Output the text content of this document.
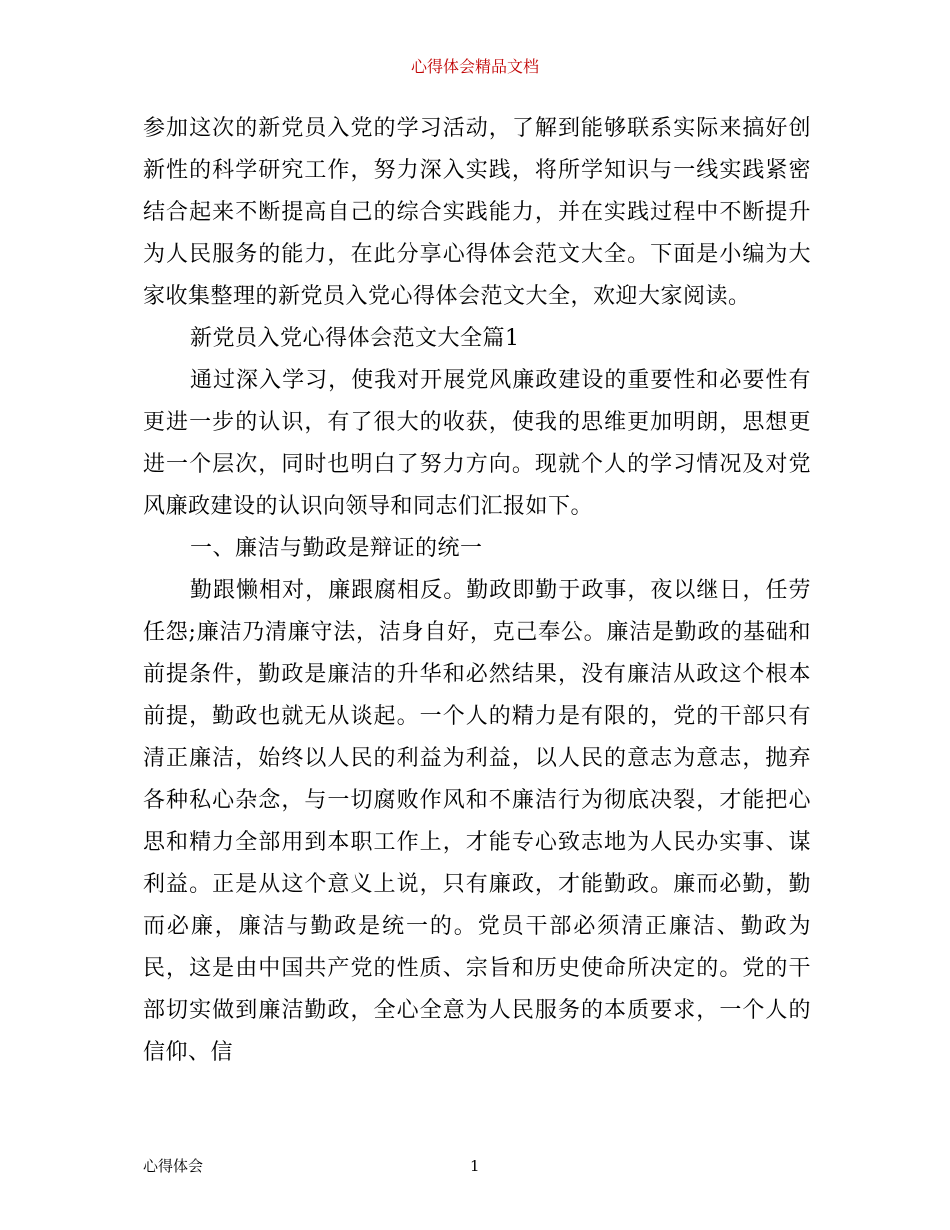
心得体会精品文档

参加这次的新党员入党的学习活动，了解到能够联系实际来搞好创新性的科学研究工作，努力深入实践，将所学知识与一线实践紧密结合起来不断提高自己的综合实践能力，并在实践过程中不断提升为人民服务的能力，在此分享心得体会范文大全。下面是小编为大家收集整理的新党员入党心得体会范文大全，欢迎大家阅读。

新党员入党心得体会范文大全篇1

通过深入学习，使我对开展党风廉政建设的重要性和必要性有更进一步的认识，有了很大的收获，使我的思维更加明朗，思想更进一个层次，同时也明白了努力方向。现就个人的学习情况及对党风廉政建设的认识向领导和同志们汇报如下。

一、廉洁与勤政是辩证的统一

勤跟懒相对，廉跟腐相反。勤政即勤于政事，夜以继日，任劳任怨;廉洁乃清廉守法，洁身自好，克己奉公。廉洁是勤政的基础和前提条件，勤政是廉洁的升华和必然结果，没有廉洁从政这个根本前提，勤政也就无从谈起。一个人的精力是有限的，党的干部只有清正廉洁，始终以人民的利益为利益，以人民的意志为意志，抛弃各种私心杂念，与一切腐败作风和不廉洁行为彻底决裂，才能把心思和精力全部用到本职工作上，才能专心致志地为人民办实事、谋利益。正是从这个意义上说，只有廉政，才能勤政。廉而必勤，勤而必廉，廉洁与勤政是统一的。党员干部必须清正廉洁、勤政为民，这是由中国共产党的性质、宗旨和历史使命所决定的。党的干部切实做到廉洁勤政，全心全意为人民服务的本质要求，一个人的信仰、信

心得体会	1
